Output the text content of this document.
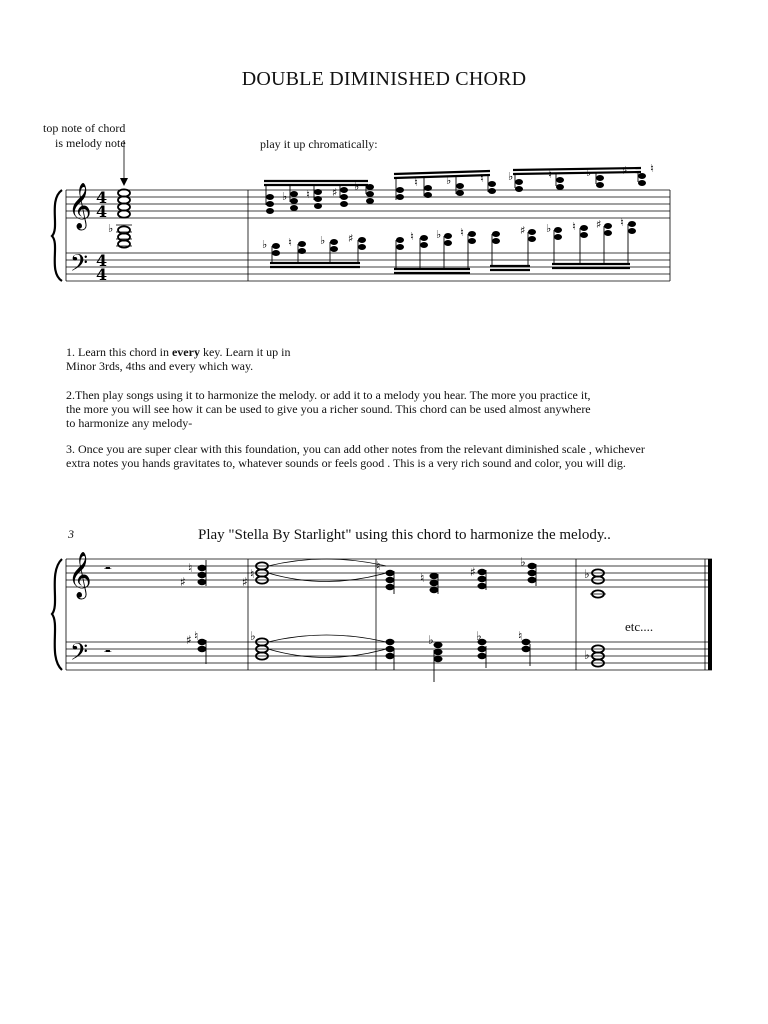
DOUBLE DIMINISHED CHORD
top note of chord
is melody note	play it up chromatically:
1. Learn this chord in every key. Learn it up in
Minor 3rds, 4ths and every which way.
2.Then play songs using it to harmonize the melody. or add it to a melody you hear. The more you practice it,
the more you will see how it can be used to give you a richer sound. This chord can be used almost anywhere
to harmonize any melody-
3. Once you are super clear with this foundation, you can add other notes from the relevant diminished scale , whichever
extra notes you hands gravitates to, whatever sounds or feels good . This is a very rich sound and color, you will dig.
3	Play "Stella By Starlight" using this chord to harmonize the melody..
etc....
𝄞
𝄢
4
4
4
4
♭
♭ ♮ ♯ ♭	♮	♭	♮ ♭	♮	♭	♯ ♮
♭ ♮	♭ ♯	♮ ♭ ♮	♯ ♭ ♮ ♯ ♮
𝄞
𝄢
𝄼
𝄼
♮
♯
♮
♯
♮
♮	♯
♭
♭
♯ ♮	♭	♭	♭	♮
♭
